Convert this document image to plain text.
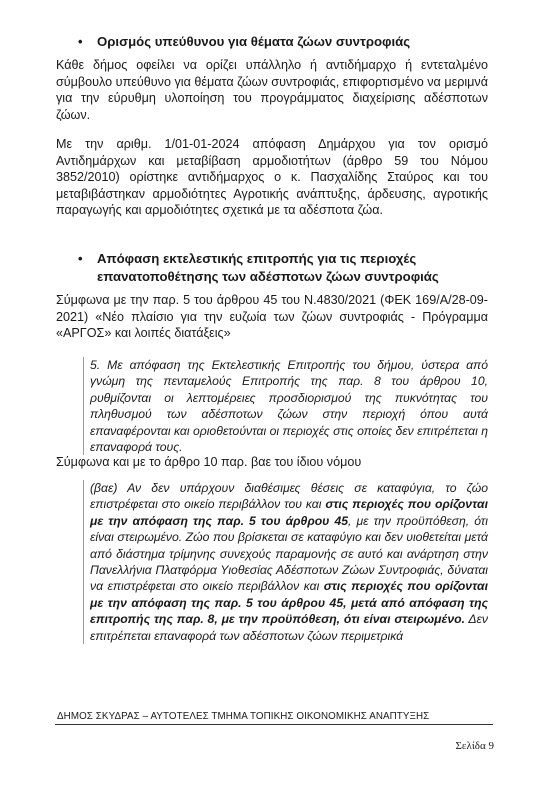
• Ορισμός υπεύθυνου για θέματα ζώων συντροφιάς

Κάθε δήμος οφείλει να ορίζει υπάλληλο ή αντιδήμαρχο ή εντεταλμένο σύμβουλο υπεύθυνο για θέματα ζώων συντροφιάς, επιφορτισμένο να μεριμνά για την εύρυθμη υλοποίηση του προγράμματος διαχείρισης αδέσποτων ζώων.

Με την αριθμ. 1/01-01-2024 απόφαση Δημάρχου για τον ορισμό Αντιδημάρχων και μεταβίβαση αρμοδιοτήτων (άρθρο 59 του Νόμου 3852/2010) ορίστηκε αντιδήμαρχος ο κ. Πασχαλίδης Σταύρος και του μεταβιβάστηκαν αρμοδιότητες Αγροτικής ανάπτυξης, άρδευσης, αγροτικής παραγωγής και αρμοδιότητες σχετικά με τα αδέσποτα ζώα.

• Απόφαση εκτελεστικής επιτροπής για τις περιοχές
επανατοποθέτησης των αδέσποτων ζώων συντροφιάς

Σύμφωνα με την παρ. 5 του άρθρου 45 του Ν.4830/2021 (ΦΕΚ 169/Α/28-09-2021) «Νέο πλαίσιο για την ευζωία των ζώων συντροφιάς - Πρόγραμμα «ΑΡΓΟΣ» και λοιπές διατάξεις»

5. Με απόφαση της Εκτελεστικής Επιτροπής του δήμου, ύστερα από γνώμη της πενταμελούς Επιτροπής της παρ. 8 του άρθρου 10, ρυθμίζονται οι λεπτομέρειες προσδιορισμού της πυκνότητας του πληθυσμού των αδέσποτων ζώων στην περιοχή όπου αυτά επαναφέρονται και οριοθετούνται οι περιοχές στις οποίες δεν επιτρέπεται η επαναφορά τους.

Σύμφωνα και με το άρθρο 10 παρ. βαε του ίδιου νόμου

(βαε) Αν δεν υπάρχουν διαθέσιμες θέσεις σε καταφύγια, το ζώο επιστρέφεται στο οικείο περιβάλλον του και στις περιοχές που ορίζονται με την απόφαση της παρ. 5 του άρθρου 45, με την προϋπόθεση, ότι είναι στειρωμένο. Ζώο που βρίσκεται σε καταφύγιο και δεν υιοθετείται μετά από διάστημα τρίμηνης συνεχούς παραμονής σε αυτό και ανάρτηση στην Πανελλήνια Πλατφόρμα Υιοθεσίας Αδέσποτων Ζώων Συντροφιάς, δύναται να επιστρέφεται στο οικείο περιβάλλον και στις περιοχές που ορίζονται με την απόφαση της παρ. 5 του άρθρου 45, μετά από απόφαση της επιτροπής της παρ. 8, με την προϋπόθεση, ότι είναι στειρωμένο. Δεν επιτρέπεται επαναφορά των αδέσποτων ζώων περιμετρικά

ΔΗΜΟΣ ΣΚΥΔΡΑΣ – ΑΥΤΟΤΕΛΕΣ ΤΜΗΜΑ ΤΟΠΙΚΗΣ ΟΙΚΟΝΟΜΙΚΗΣ ΑΝΑΠΤΥΞΗΣ
Σελίδα 9
